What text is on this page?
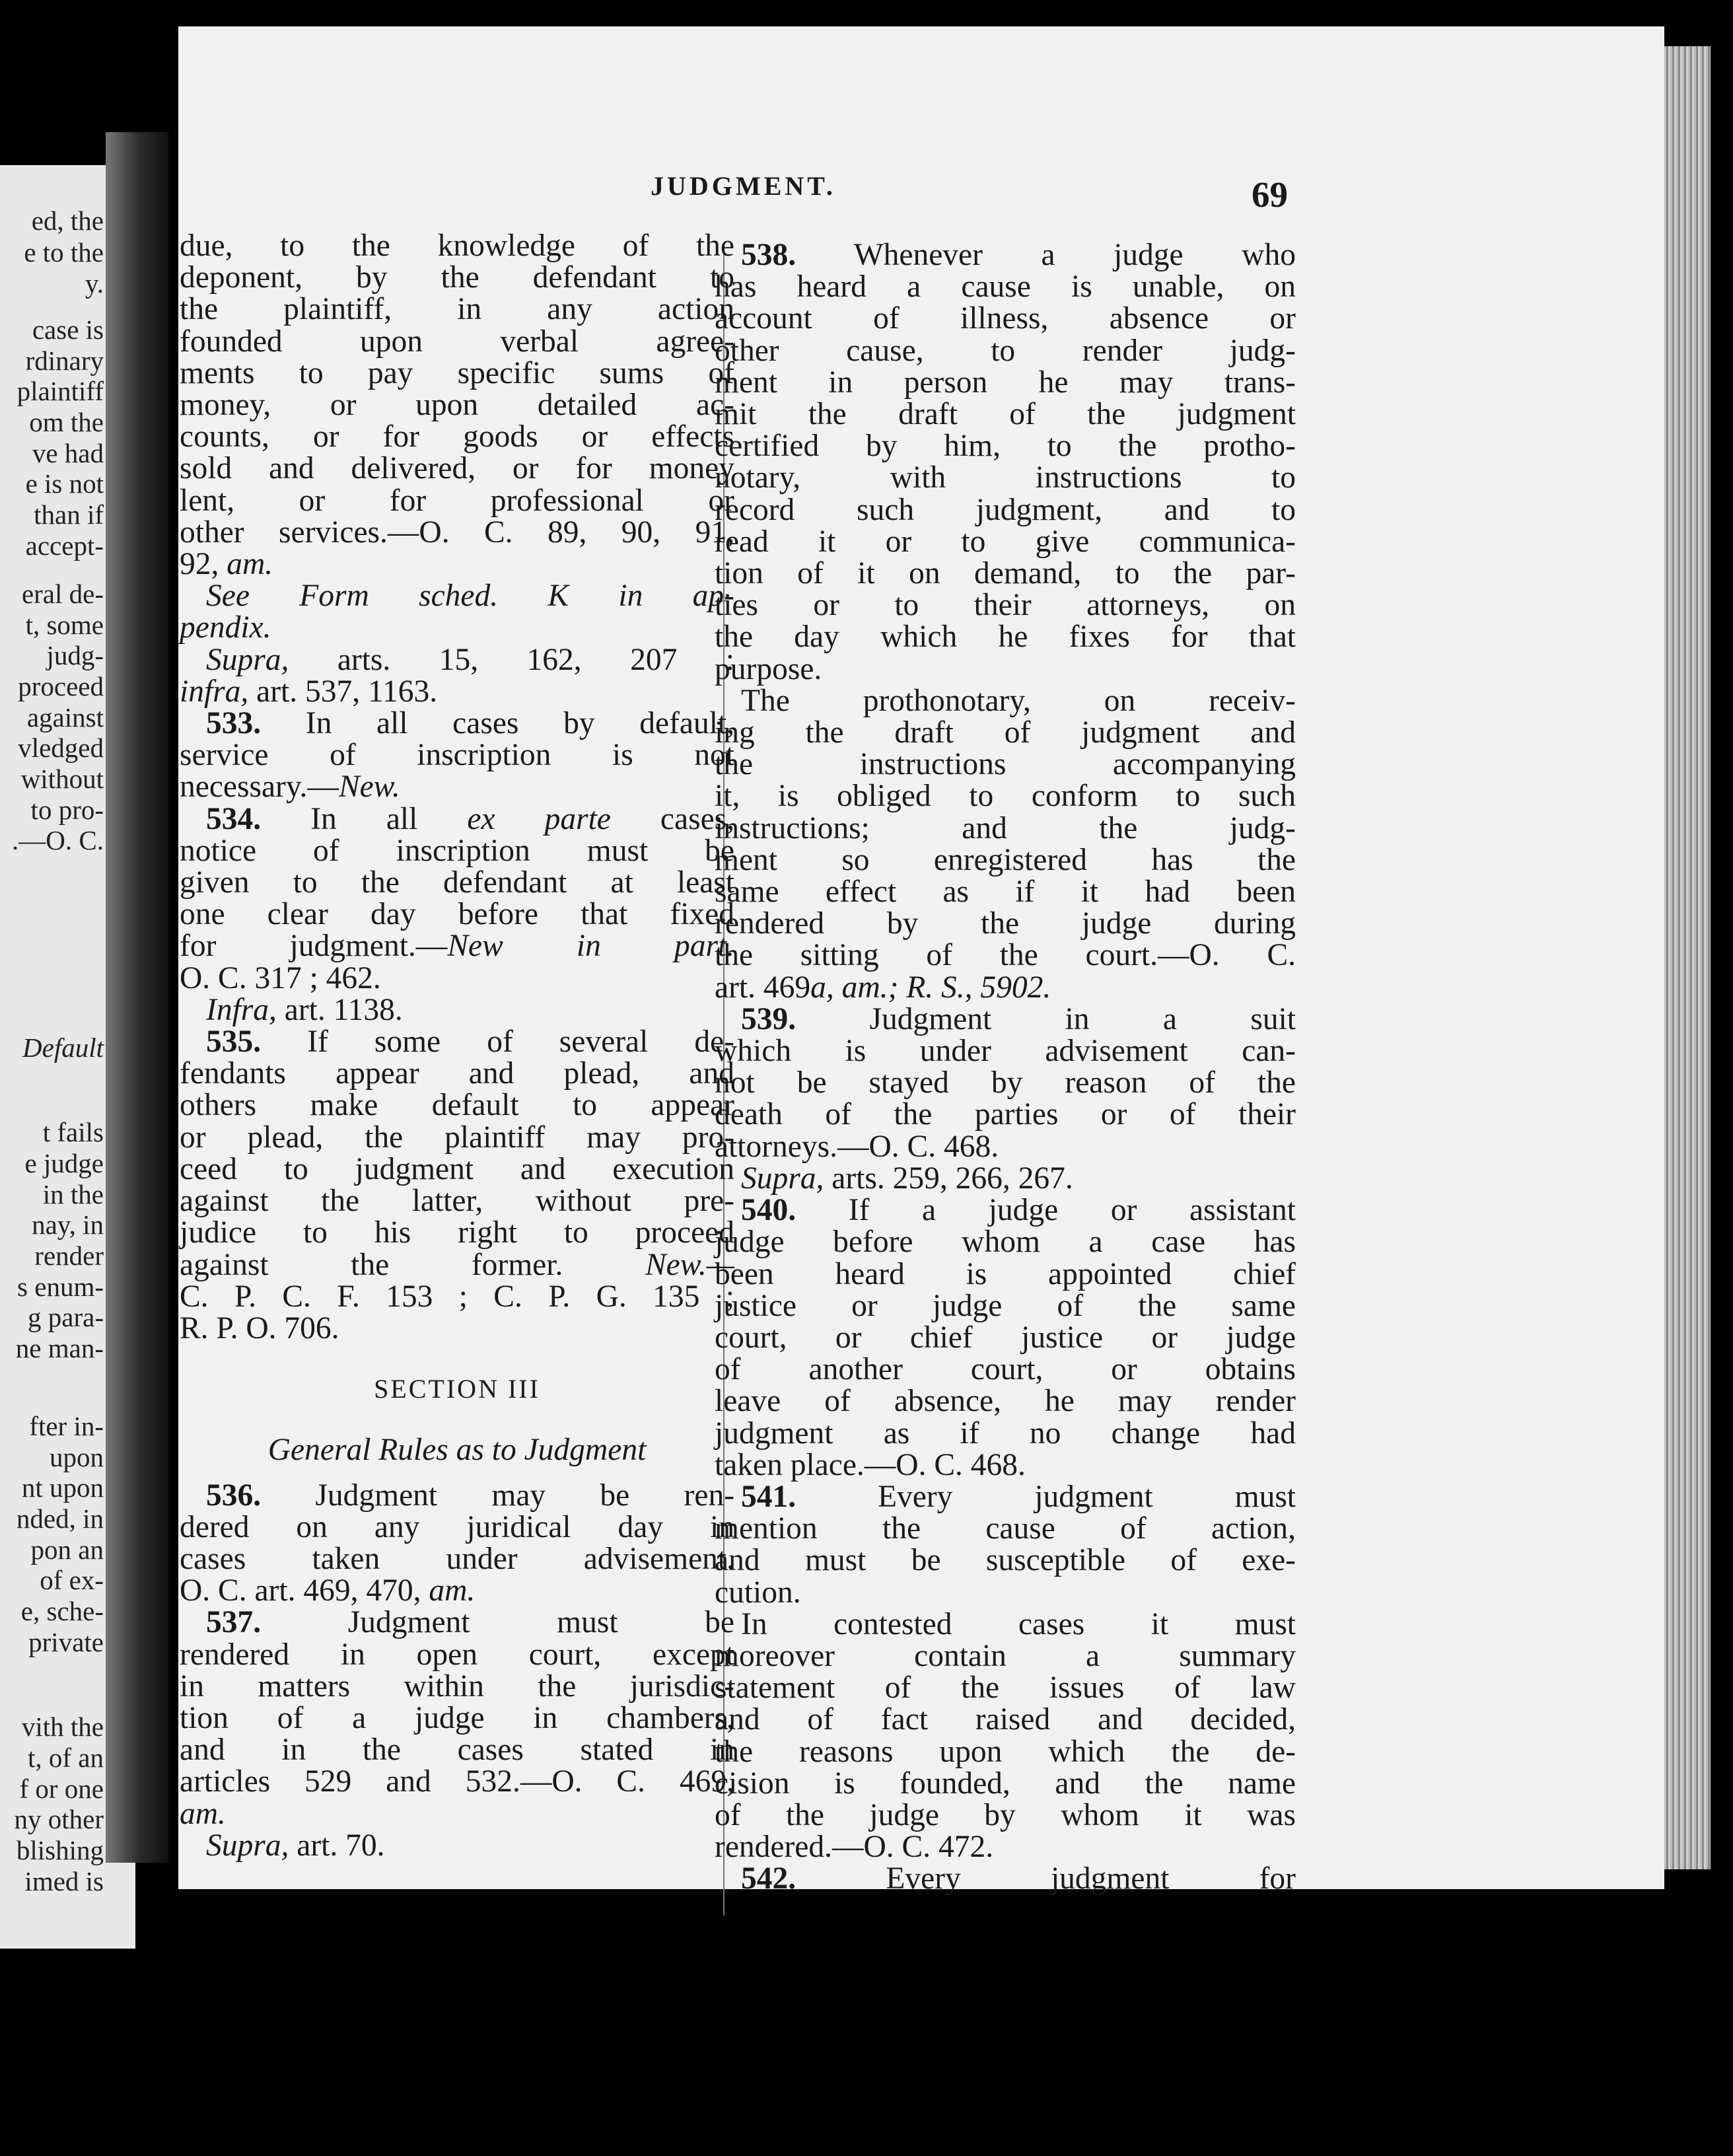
ed, the
e to the
y.
case is
rdinary
plaintiff
om the
ve had
e is not
than if
accept-
eral de-
t, some
judg-
proceed
against
vledged
without
to pro-
.—O. C.
Default
t fails
e judge
in the
nay, in
render
s enum-
g para-
ne man-
fter in-
upon
nt upon
nded, in
pon an
of ex-
e, sche-
private
vith the
t, of an
f or one
ny other
blishing
imed is
JUDGMENT.	69
due, to the knowledge of the
deponent, by the defendant to
the plaintiff, in any action
founded upon verbal agree-
ments to pay specific sums of
money, or upon detailed ac-
counts, or for goods or effects
sold and delivered, or for money
lent, or for professional or
other services.—O. C. 89, 90, 91,
92, am.
See Form sched. K in ap-
pendix.
Supra, arts. 15, 162, 207 :
infra, art. 537, 1163.
533. In all cases by default,
service of inscription is not
necessary.—New.
534. In all ex parte cases,
notice of inscription must be
given to the defendant at least
one clear day before that fixed
for judgment.—New in part.
O. C. 317 ; 462.
Infra, art. 1138.
535. If some of several de-
fendants appear and plead, and
others make default to appear
or plead, the plaintiff may pro-
ceed to judgment and execution
against the latter, without pre-
judice to his right to proceed
against the former. New.—
C. P. C. F. 153 ; C. P. G. 135 ;
R. P. O. 706.
SECTION III
General Rules as to Judgment
536. Judgment may be ren-
dered on any juridical day in
cases taken under advisement.
O. C. art. 469, 470, am.
537.	Judgment must be
rendered in open court, except
in matters within the jurisdic-
tion of a judge in chambers,
and in the cases stated in
articles 529 and 532.—O. C. 469,
am.
Supra, art. 70.
538. Whenever a judge who
has heard a cause is unable, on
account of illness, absence or
other cause, to render judg-
ment in person he may trans-
mit the draft of the judgment
certified by him, to the protho-
notary, with instructions to
record such judgment, and to
read it or to give communica-
tion of it on demand, to the par-
ties or to their attorneys, on
the day which he fixes for that
purpose.
The prothonotary, on receiv-
ing the draft of judgment and
the instructions accompanying
it, is obliged to conform to such
instructions; and the judg-
ment so enregistered has the
same effect as if it had been
rendered by the judge during
the sitting of the court.—O. C.
art. 469a, am.; R. S., 5902.
539. Judgment in a suit
which is under advisement can-
not be stayed by reason of the
death of the parties or of their
attorneys.—O. C. 468.
Supra, arts. 259, 266, 267.
540. If a judge or assistant
judge before whom a case has
been heard is appointed chief
justice or judge of the same
court, or chief justice or judge
of another court, or obtains
leave of absence, he may render
judgment as if no change had
taken place.—O. C. 468.
541.	Every judgment must
mention the cause of action,
and must be susceptible of exe-
cution.
In contested cases it must
moreover contain a summary
statement of the issues of law
and of fact raised and decided,
the reasons upon which the de-
cision is founded, and the name
of the judge by whom it was
rendered.—O. C. 472.
542.	Every judgment for
